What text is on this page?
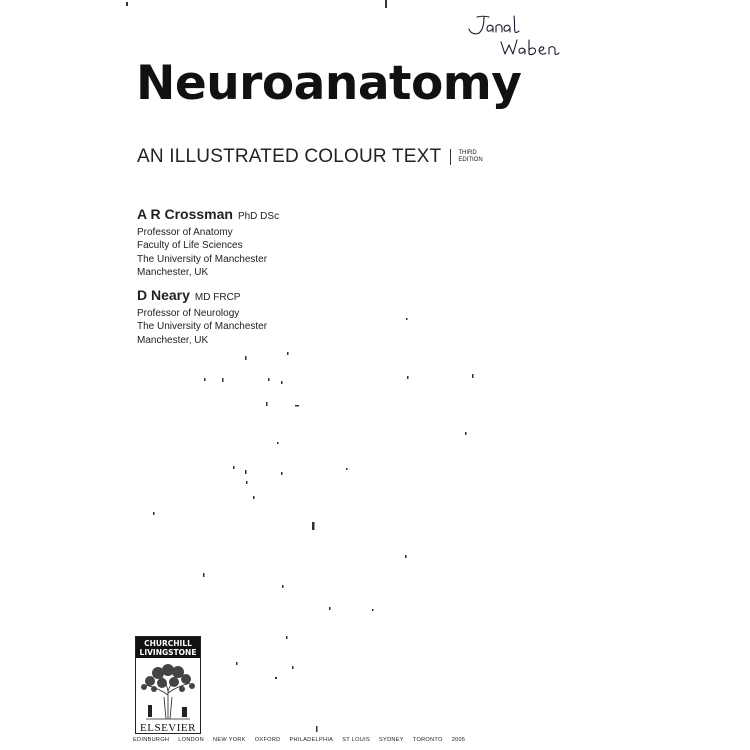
Neuroanatomy
AN ILLUSTRATED COLOUR TEXT	THIRD
EDITION
A R Crossman PhD DSc
Professor of Anatomy
Faculty of Life Sciences
The University of Manchester
Manchester, UK
D Neary MD FRCP
Professor of Neurology
The University of Manchester
Manchester, UK
CHURCHILL
LIVINGSTONE
ELSEVIER
EDINBURGH LONDON NEW YORK OXFORD PHILADELPHIA ST LOUIS SYDNEY TORONTO 2005
